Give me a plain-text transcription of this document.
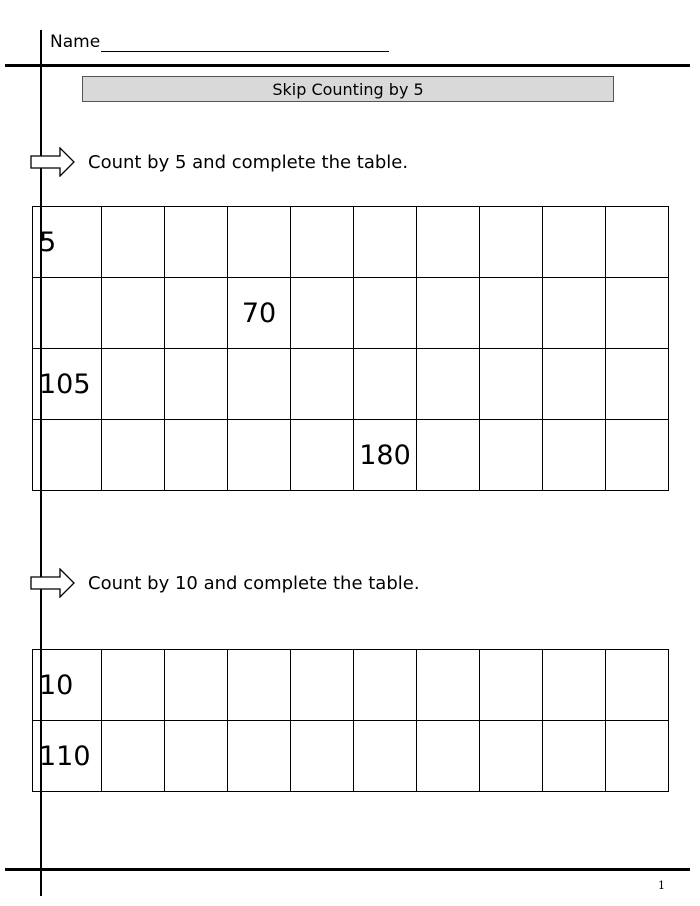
Name
Skip Counting by 5
Count by 5 and complete the table.
5									
			70						
105									
					180				
Count by 10 and complete the table.
10									
110									
1
